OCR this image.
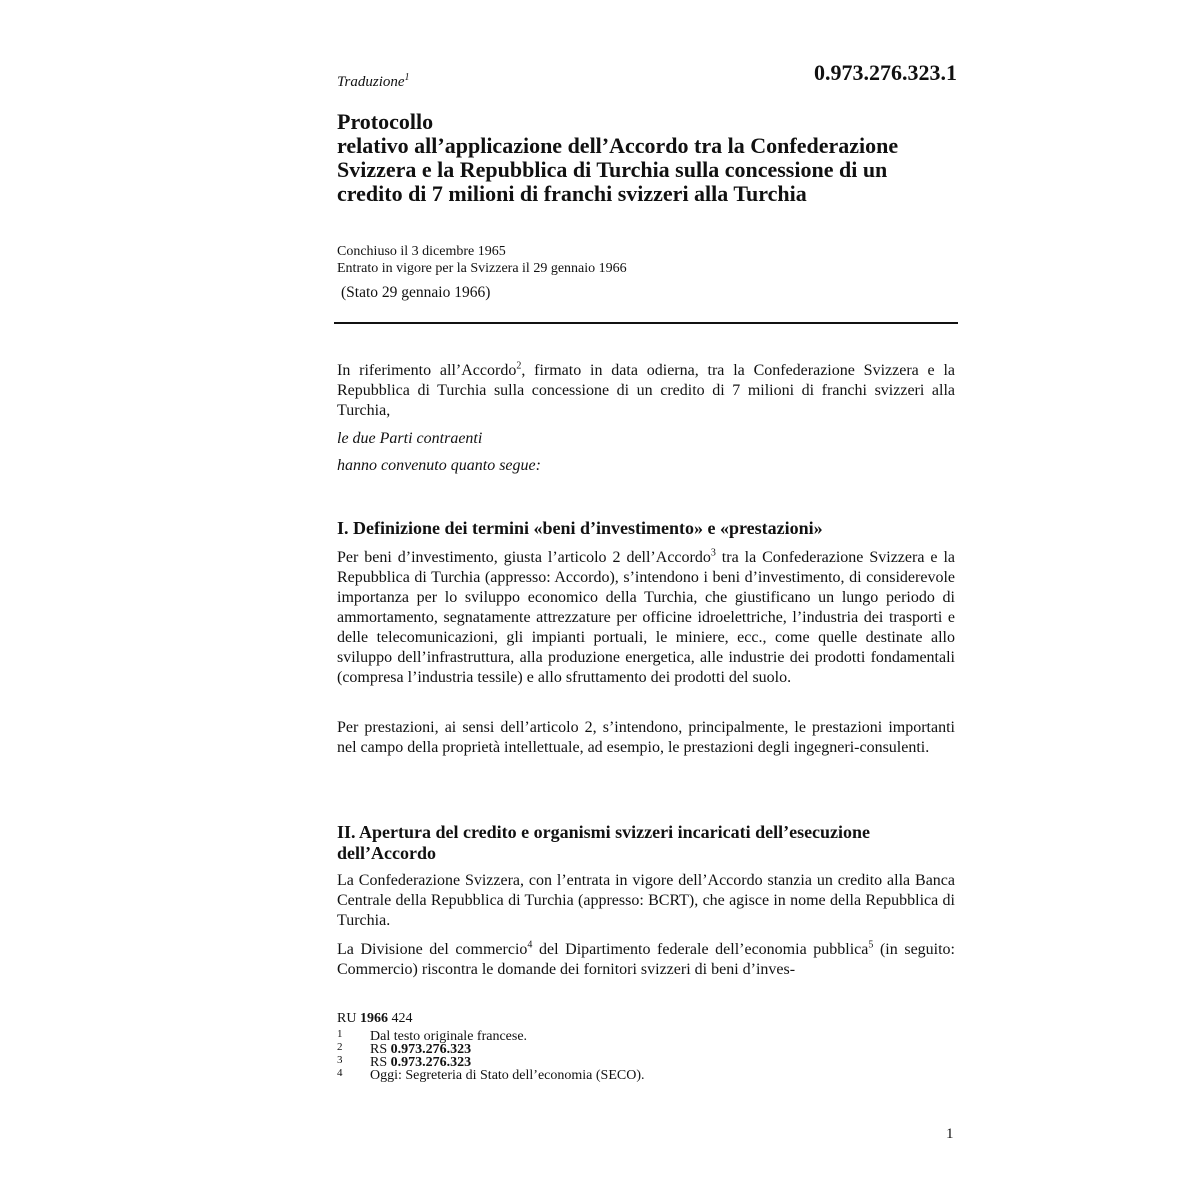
Traduzione$^1$	0.973.276.323.1
Protocollo
relativo all’applicazione dell’Accordo tra la Confederazione
Svizzera e la Repubblica di Turchia sulla concessione di un
credito di 7 milioni di franchi svizzeri alla Turchia
Conchiuso il 3 dicembre 1965
Entrato in vigore per la Svizzera il 29 gennaio 1966
(Stato 29 gennaio 1966)
In riferimento all’Accordo$^2$, firmato in data odierna, tra la Confederazione Svizzera e la Repubblica di Turchia sulla concessione di un credito di 7 milioni di franchi svizzeri alla Turchia,
le due Parti contraenti
hanno convenuto quanto segue:
I. Definizione dei termini «beni d’investimento» e «prestazioni»
Per beni d’investimento, giusta l’articolo 2 dell’Accordo$^3$ tra la Confederazione Svizzera e la Repubblica di Turchia (appresso: Accordo), s’intendono i beni d’investimento, di considerevole importanza per lo sviluppo economico della Turchia, che giustificano un lungo periodo di ammortamento, segnatamente attrezzature per officine idroelettriche, l’industria dei trasporti e delle telecomunicazioni, gli impianti portuali, le miniere, ecc., come quelle destinate allo sviluppo dell’infrastruttura, alla produzione energetica, alle industrie dei prodotti fondamentali (compresa l’industria tessile) e allo sfruttamento dei prodotti del suolo.
Per prestazioni, ai sensi dell’articolo 2, s’intendono, principalmente, le prestazioni importanti nel campo della proprietà intellettuale, ad esempio, le prestazioni degli ingegneri-consulenti.
II. Apertura del credito e organismi svizzeri incaricati dell’esecuzione
dell’Accordo
La Confederazione Svizzera, con l’entrata in vigore dell’Accordo stanzia un credito alla Banca Centrale della Repubblica di Turchia (appresso: BCRT), che agisce in nome della Repubblica di Turchia.
La Divisione del commercio$^4$ del Dipartimento federale dell’economia pubblica$^5$ (in seguito: Commercio) riscontra le domande dei fornitori svizzeri di beni d’inves-
RU 1966 424
1 Dal testo originale francese.
2 RS 0.973.276.323
3 RS 0.973.276.323
4 Oggi: Segreteria di Stato dell’economia (SECO).
1
